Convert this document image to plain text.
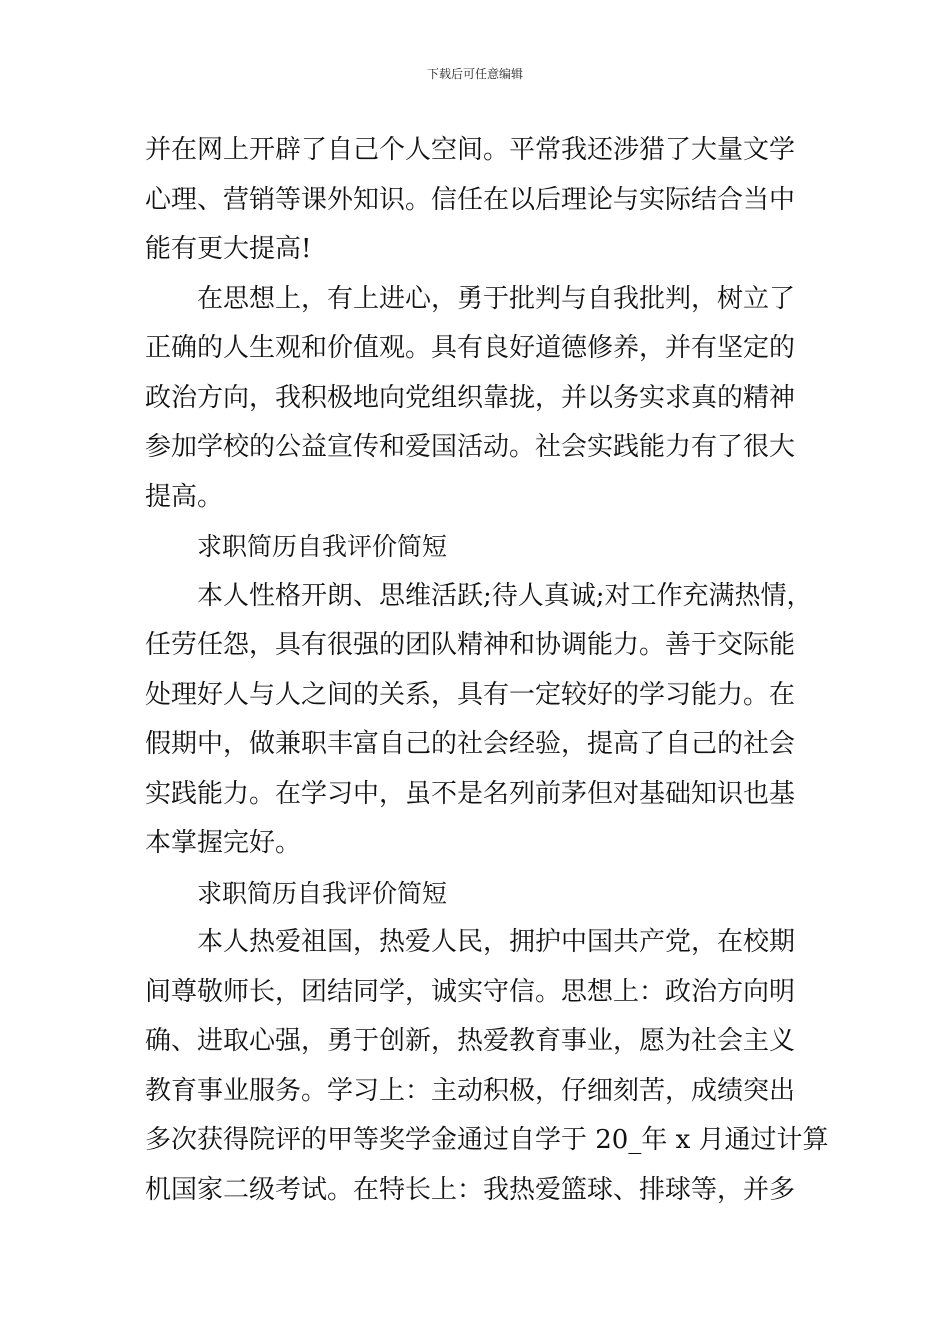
下载后可任意编辑
并在网上开辟了自己个人空间。平常我还涉猎了大量文学
心理、营销等课外知识。信任在以后理论与实际结合当中
能有更大提高!
在思想上，有上进心，勇于批判与自我批判，树立了
正确的人生观和价值观。具有良好道德修养，并有坚定的
政治方向，我积极地向党组织靠拢，并以务实求真的精神
参加学校的公益宣传和爱国活动。社会实践能力有了很大
提高。
求职简历自我评价简短
本人性格开朗、思维活跃;待人真诚;对工作充满热情，
任劳任怨，具有很强的团队精神和协调能力。善于交际能
处理好人与人之间的关系，具有一定较好的学习能力。在
假期中，做兼职丰富自己的社会经验，提高了自己的社会
实践能力。在学习中，虽不是名列前茅但对基础知识也基
本掌握完好。
求职简历自我评价简短
本人热爱祖国，热爱人民，拥护中国共产党，在校期
间尊敬师长，团结同学，诚实守信。思想上：政治方向明
确、进取心强，勇于创新，热爱教育事业，愿为社会主义
教育事业服务。学习上：主动积极，仔细刻苦，成绩突出
多次获得院评的甲等奖学金通过自学于 20_年 x 月通过计算
机国家二级考试。在特长上：我热爱篮球、排球等，并多
